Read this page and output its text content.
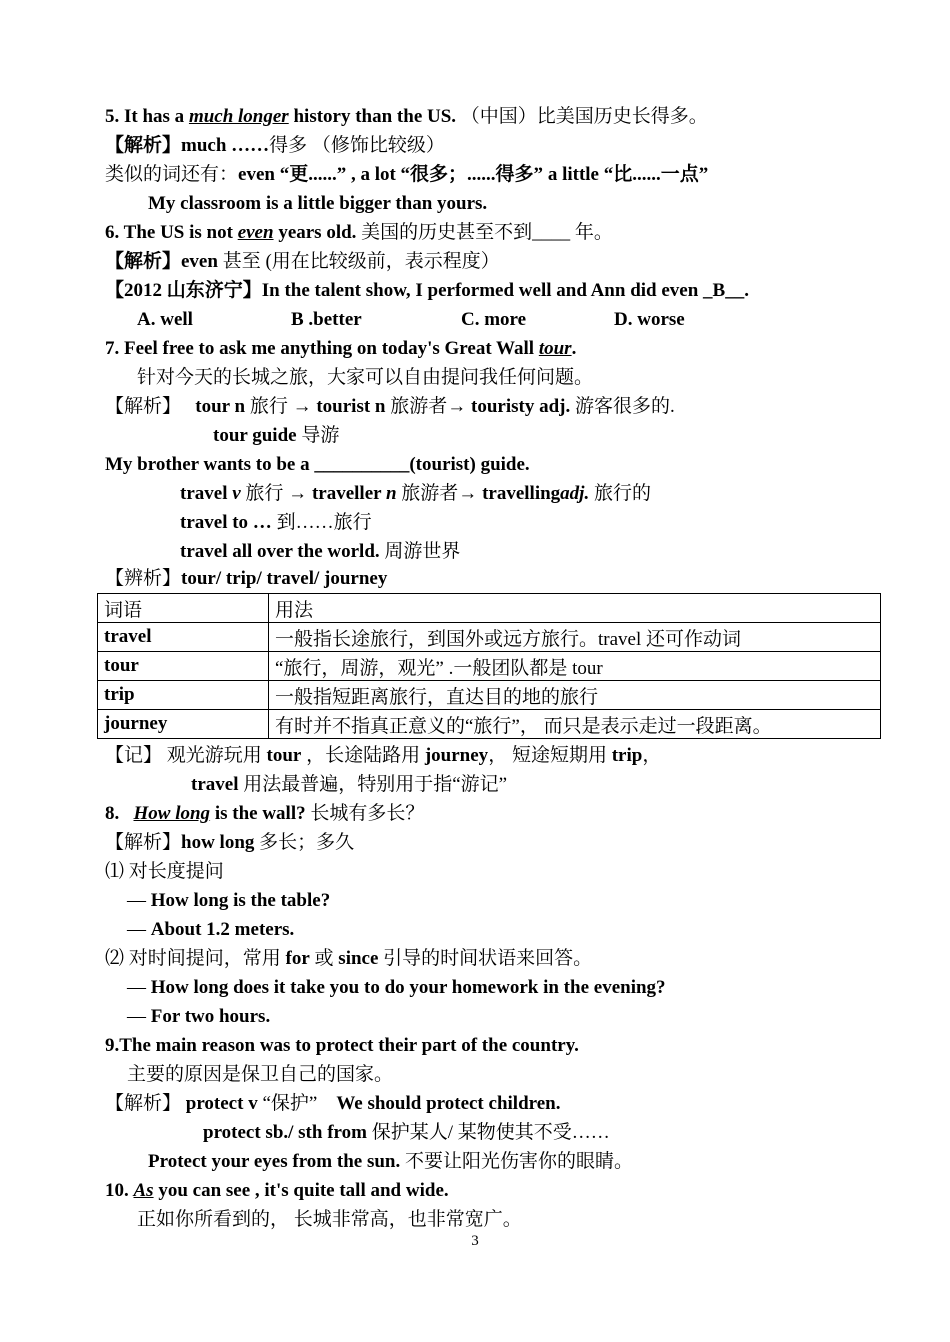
5. It has a much longer history than the US. （中国）比美国历史长得多。
【解析】much ……得多 （修饰比较级）
类似的词还有：even “更......” , a lot “很多；......得多” a little “比......一点”
My classroom is a little bigger than yours.
6. The US is not even years old. 美国的历史甚至不到____ 年。
【解析】even 甚至 (用在比较级前，表示程度）
【2012 山东济宁】In the talent show, I performed well and Ann did even _B__.
A. well	B .better	C. more	D. worse
7. Feel free to ask me anything on today's Great Wall tour.
针对今天的长城之旅，大家可以自由提问我任何问题。
【解析】 tour n 旅行 → tourist n 旅游者→ touristy adj. 游客很多的.
tour guide 导游
My brother wants to be a __________(tourist) guide.
travel v 旅行 → traveller n 旅游者→ travellingadj. 旅行的
travel to … 到……旅行
travel all over the world. 周游世界
【辨析】tour/ trip/ travel/ journey
词语	用法
travel	一般指长途旅行，到国外或远方旅行。travel 还可作动词
tour	“旅行，周游，观光” .一般团队都是 tour
trip	一般指短距离旅行，直达目的地的旅行
journey	有时并不指真正意义的“旅行”， 而只是表示走过一段距离。
【记】 观光游玩用 tour ，长途陆路用 journey， 短途短期用 trip，
travel 用法最普遍，特别用于指“游记”
8.   How long is the wall? 长城有多长？
【解析】how long 多长；多久
⑴ 对长度提问
— How long is the table?
— About 1.2 meters.
⑵ 对时间提问，常用 for 或 since 引导的时间状语来回答。
— How long does it take you to do your homework in the evening?
— For two hours.
9.The main reason was to protect their part of the country.
主要的原因是保卫自己的国家。
【解析】 protect v “保护” We should protect children.
protect sb./ sth from 保护某人/ 某物使其不受……
Protect your eyes from the sun. 不要让阳光伤害你的眼睛。
10. As you can see , it's quite tall and wide.
正如你所看到的， 长城非常高，也非常宽广。
3
